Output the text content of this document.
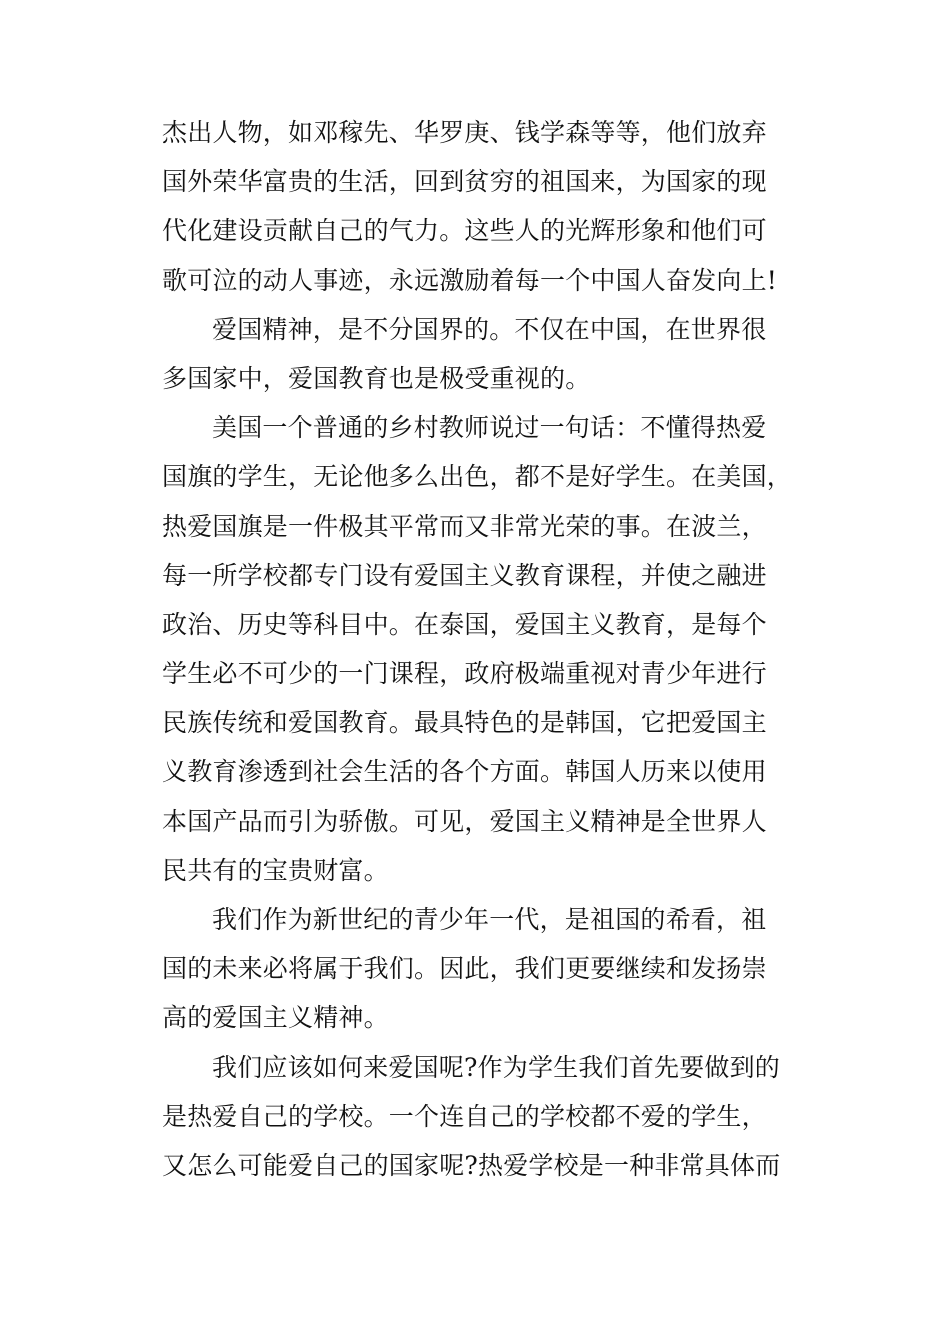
杰出人物，如邓稼先、华罗庚、钱学森等等，他们放弃
国外荣华富贵的生活，回到贫穷的祖国来，为国家的现
代化建设贡献自己的气力。这些人的光辉形象和他们可
歌可泣的动人事迹，永远激励着每一个中国人奋发向上!
爱国精神，是不分国界的。不仅在中国，在世界很
多国家中，爱国教育也是极受重视的。
美国一个普通的乡村教师说过一句话：不懂得热爱
国旗的学生，无论他多么出色，都不是好学生。在美国，
热爱国旗是一件极其平常而又非常光荣的事。在波兰，
每一所学校都专门设有爱国主义教育课程，并使之融进
政治、历史等科目中。在泰国，爱国主义教育，是每个
学生必不可少的一门课程，政府极端重视对青少年进行
民族传统和爱国教育。最具特色的是韩国，它把爱国主
义教育渗透到社会生活的各个方面。韩国人历来以使用
本国产品而引为骄傲。可见，爱国主义精神是全世界人
民共有的宝贵财富。
我们作为新世纪的青少年一代，是祖国的希看，祖
国的未来必将属于我们。因此，我们更要继续和发扬崇
高的爱国主义精神。
我们应该如何来爱国呢?作为学生我们首先要做到的
是热爱自己的学校。一个连自己的学校都不爱的学生，
又怎么可能爱自己的国家呢?热爱学校是一种非常具体而
